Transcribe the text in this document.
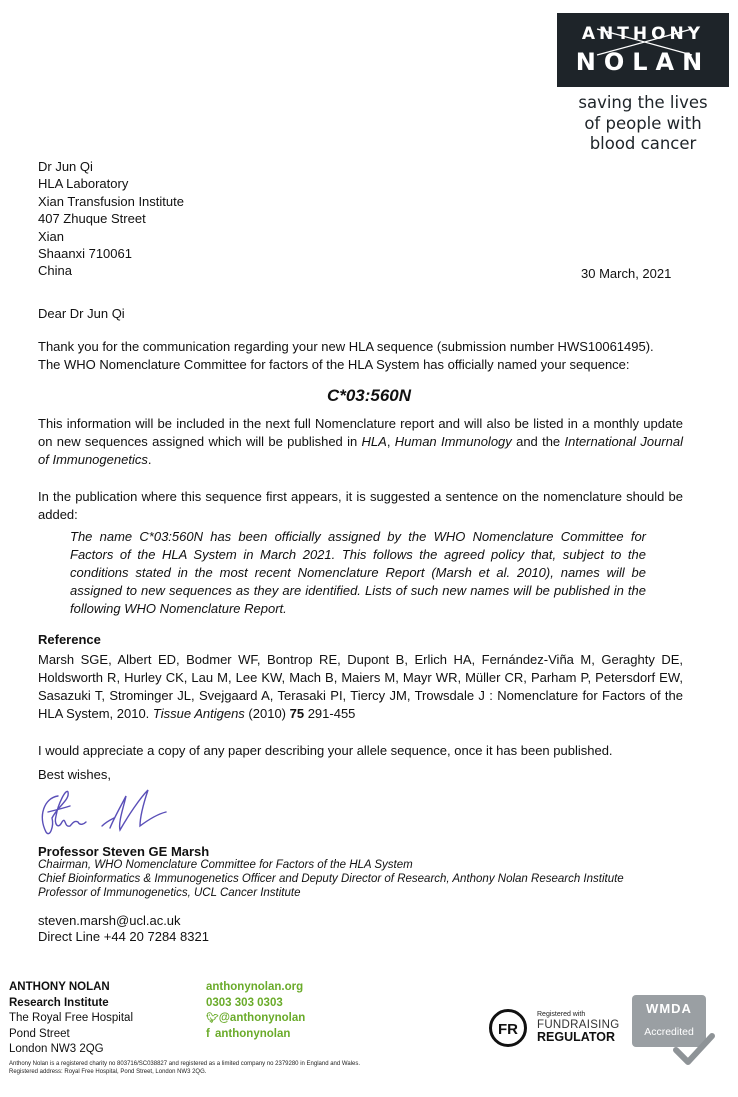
ANTHONY
NOLAN
saving the lives
of people with
blood cancer
Dr Jun Qi
HLA Laboratory
Xian Transfusion Institute
407 Zhuque Street
Xian
Shaanxi 710061
China	30 March, 2021
Dear Dr Jun Qi
Thank you for the communication regarding your new HLA sequence (submission number HWS10061495).
The WHO Nomenclature Committee for factors of the HLA System has officially named your sequence:
C*03:560N
This information will be included in the next full Nomenclature report and will also be listed in a monthly update on new sequences assigned which will be published in HLA, Human Immunology and the International Journal of Immunogenetics.
In the publication where this sequence first appears, it is suggested a sentence on the nomenclature should be added:
The name C*03:560N has been officially assigned by the WHO Nomenclature Committee for Factors of the HLA System in March 2021. This follows the agreed policy that, subject to the conditions stated in the most recent Nomenclature Report (Marsh et al. 2010), names will be assigned to new sequences as they are identified. Lists of such new names will be published in the following WHO Nomenclature Report.
Reference
Marsh SGE, Albert ED, Bodmer WF, Bontrop RE, Dupont B, Erlich HA, Fernández-Viña M, Geraghty DE, Holdsworth R, Hurley CK, Lau M, Lee KW, Mach B, Maiers M, Mayr WR, Müller CR, Parham P, Petersdorf EW, Sasazuki T, Strominger JL, Svejgaard A, Terasaki PI, Tiercy JM, Trowsdale J : Nomenclature for Factors of the HLA System, 2010. Tissue Antigens (2010) 75 291-455
I would appreciate a copy of any paper describing your allele sequence, once it has been published.
Best wishes,
Professor Steven GE Marsh
Chairman, WHO Nomenclature Committee for Factors of the HLA System
Chief Bioinformatics & Immunogenetics Officer and Deputy Director of Research, Anthony Nolan Research Institute
Professor of Immunogenetics, UCL Cancer Institute
steven.marsh@ucl.ac.uk
Direct Line +44 20 7284 8321
ANTHONY NOLAN
Research Institute
The Royal Free Hospital
Pond Street
London NW3 2QG
anthonynolan.org
0303 303 0303
🐦︎@anthonynolan
f anthonynolan
Anthony Nolan is a registered charity no 803716/SC038827 and registered as a limited company no 2379280 in England and Wales. Registered address: Royal Free Hospital, Pond Street, London NW3 2QG.
FR
Registered with
FUNDRAISING
REGULATOR
WMDA
Accredited
